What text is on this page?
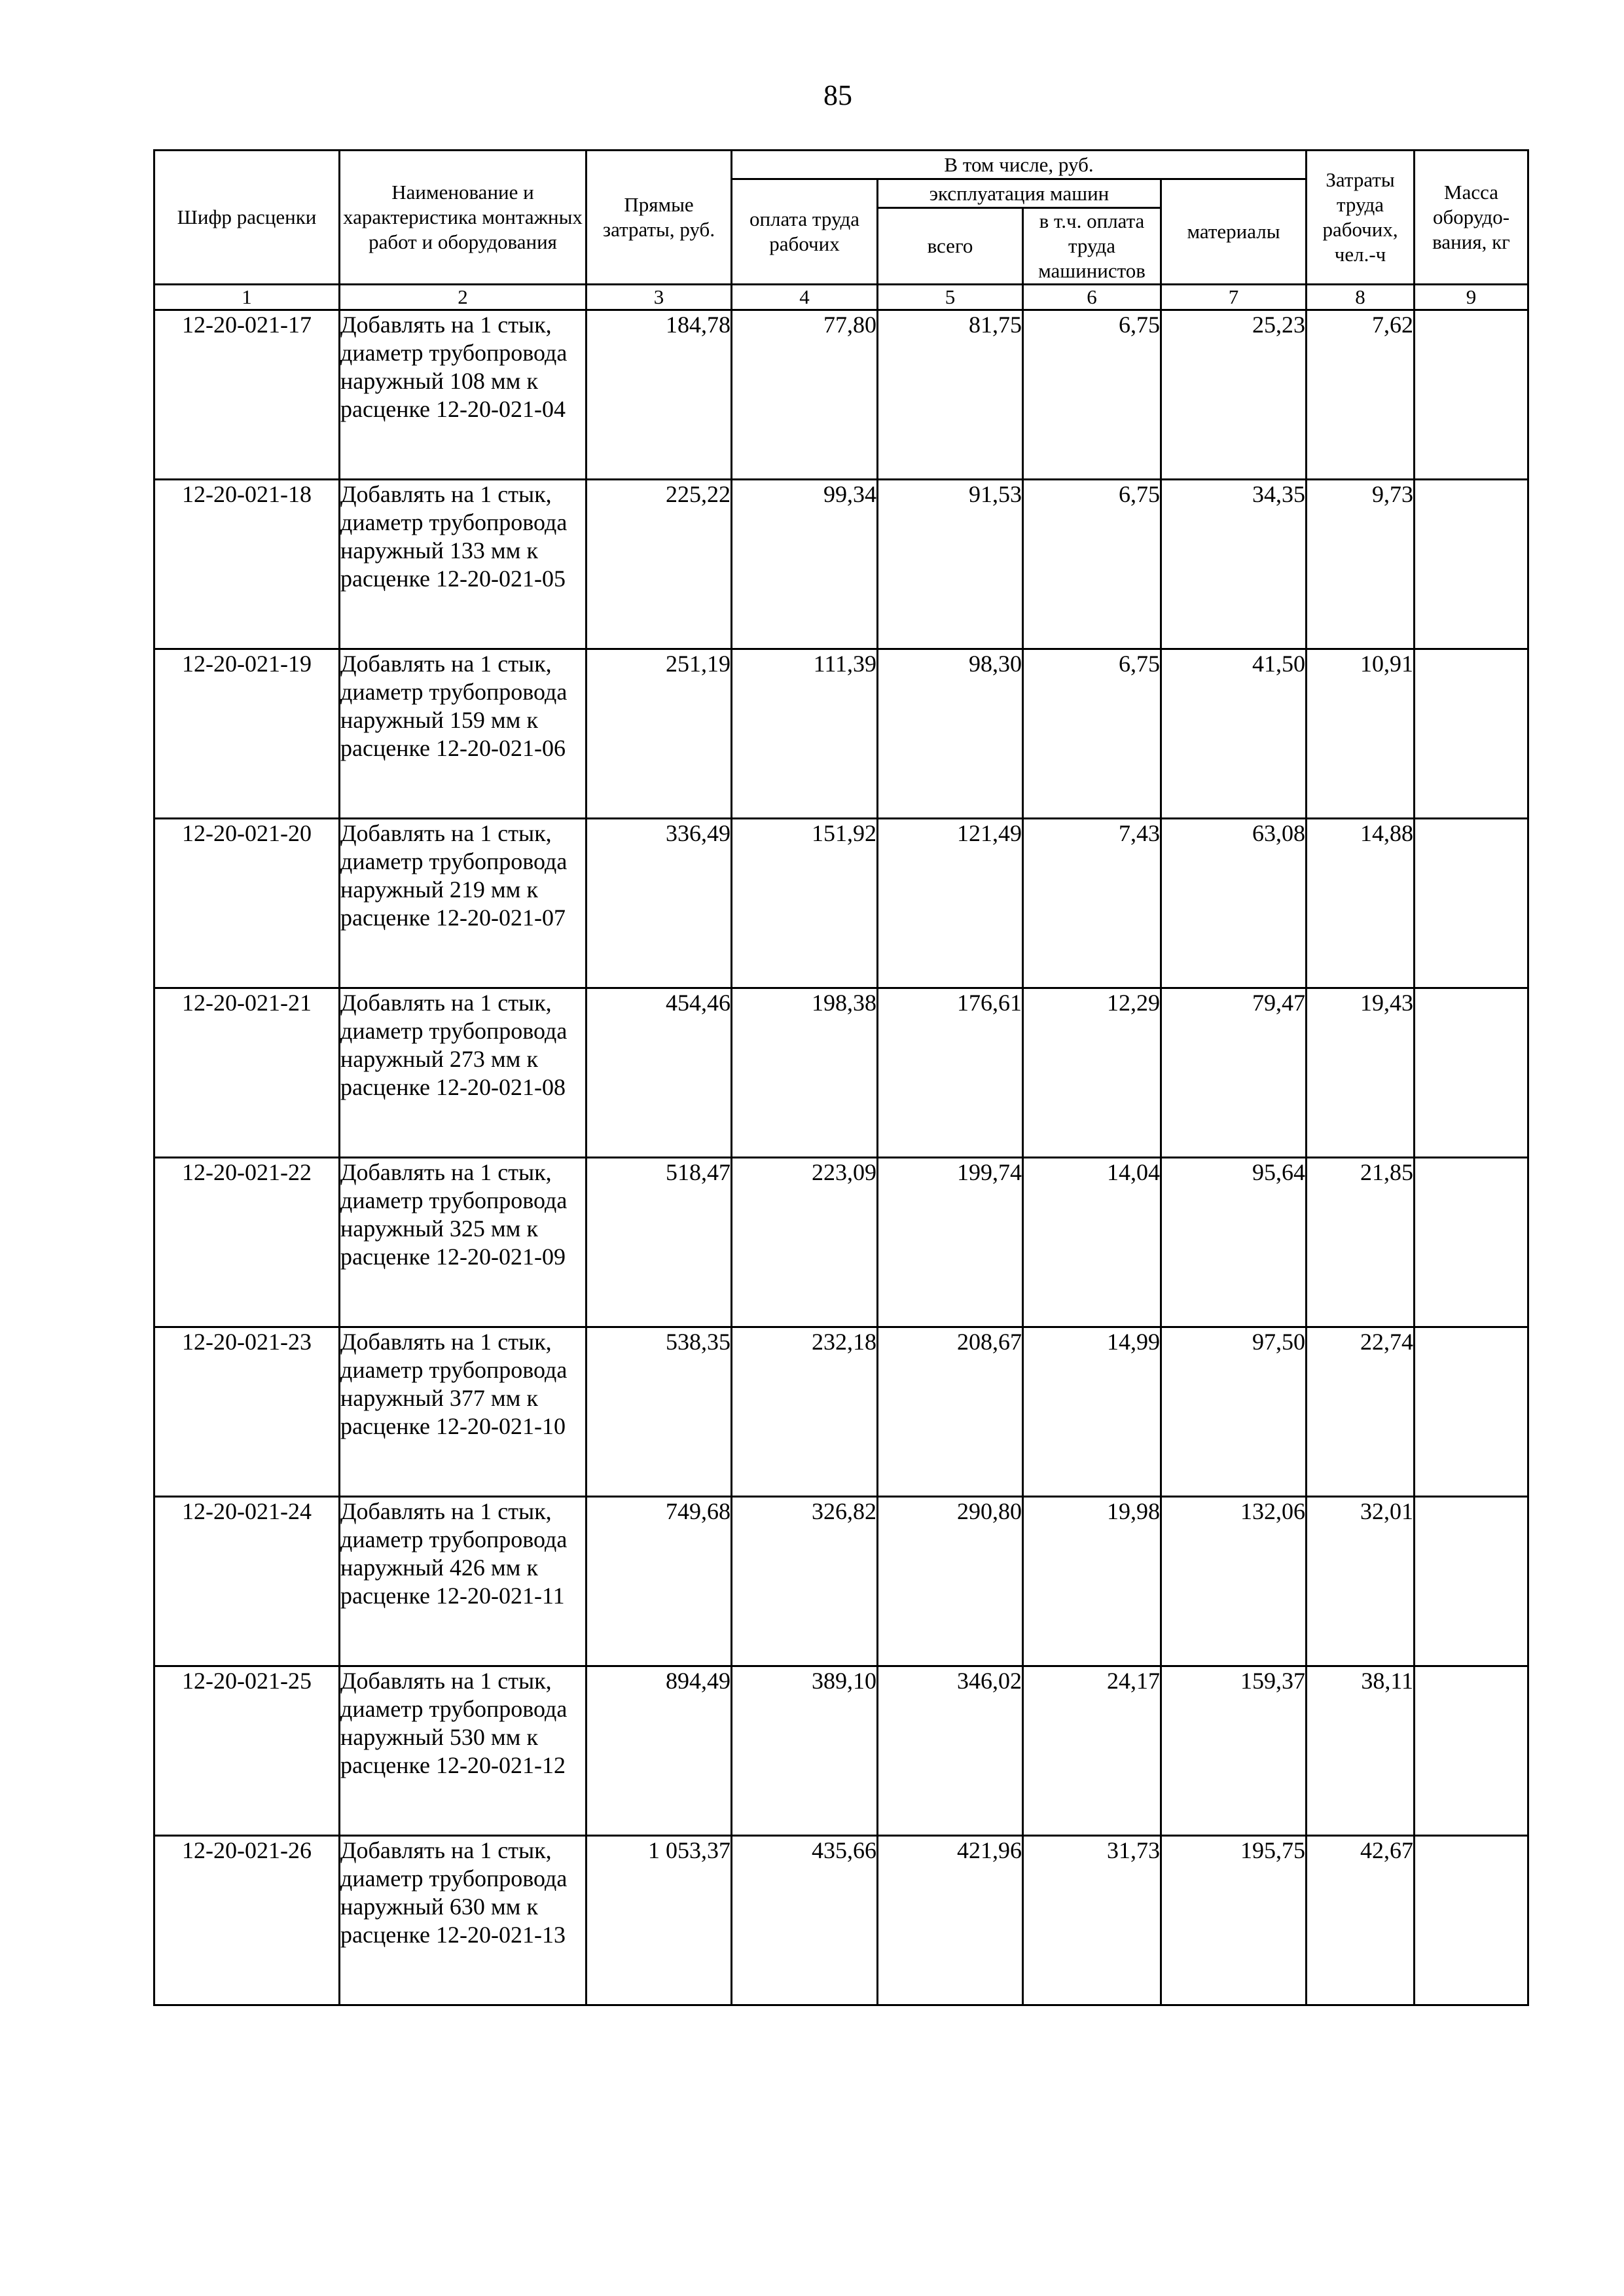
85
Шифр расценки	Наименование и характеристика монтажных работ и оборудования	Прямые затраты, руб.	В том числе, руб.				Затраты труда рабочих, чел.-ч	Масса оборудо-вания, кг
			оплата труда рабочих	эксплуатация машин		материалы		
				всего	в т.ч. оплата труда машинистов			
1	2	3	4	5	6	7	8	9
12-20-021-17	Добавлять на 1 стык, диаметр трубопровода наружный 108 мм к расценке 12-20-021-04	184,78	77,80	81,75	6,75	25,23	7,62	
12-20-021-18	Добавлять на 1 стык, диаметр трубопровода наружный 133 мм к расценке 12-20-021-05	225,22	99,34	91,53	6,75	34,35	9,73	
12-20-021-19	Добавлять на 1 стык, диаметр трубопровода наружный 159 мм к расценке 12-20-021-06	251,19	111,39	98,30	6,75	41,50	10,91	
12-20-021-20	Добавлять на 1 стык, диаметр трубопровода наружный 219 мм к расценке 12-20-021-07	336,49	151,92	121,49	7,43	63,08	14,88	
12-20-021-21	Добавлять на 1 стык, диаметр трубопровода наружный 273 мм к расценке 12-20-021-08	454,46	198,38	176,61	12,29	79,47	19,43	
12-20-021-22	Добавлять на 1 стык, диаметр трубопровода наружный 325 мм к расценке 12-20-021-09	518,47	223,09	199,74	14,04	95,64	21,85	
12-20-021-23	Добавлять на 1 стык, диаметр трубопровода наружный 377 мм к расценке 12-20-021-10	538,35	232,18	208,67	14,99	97,50	22,74	
12-20-021-24	Добавлять на 1 стык, диаметр трубопровода наружный 426 мм к расценке 12-20-021-11	749,68	326,82	290,80	19,98	132,06	32,01	
12-20-021-25	Добавлять на 1 стык, диаметр трубопровода наружный 530 мм к расценке 12-20-021-12	894,49	389,10	346,02	24,17	159,37	38,11	
12-20-021-26	Добавлять на 1 стык, диаметр трубопровода наружный 630 мм к расценке 12-20-021-13	1 053,37	435,66	421,96	31,73	195,75	42,67	
